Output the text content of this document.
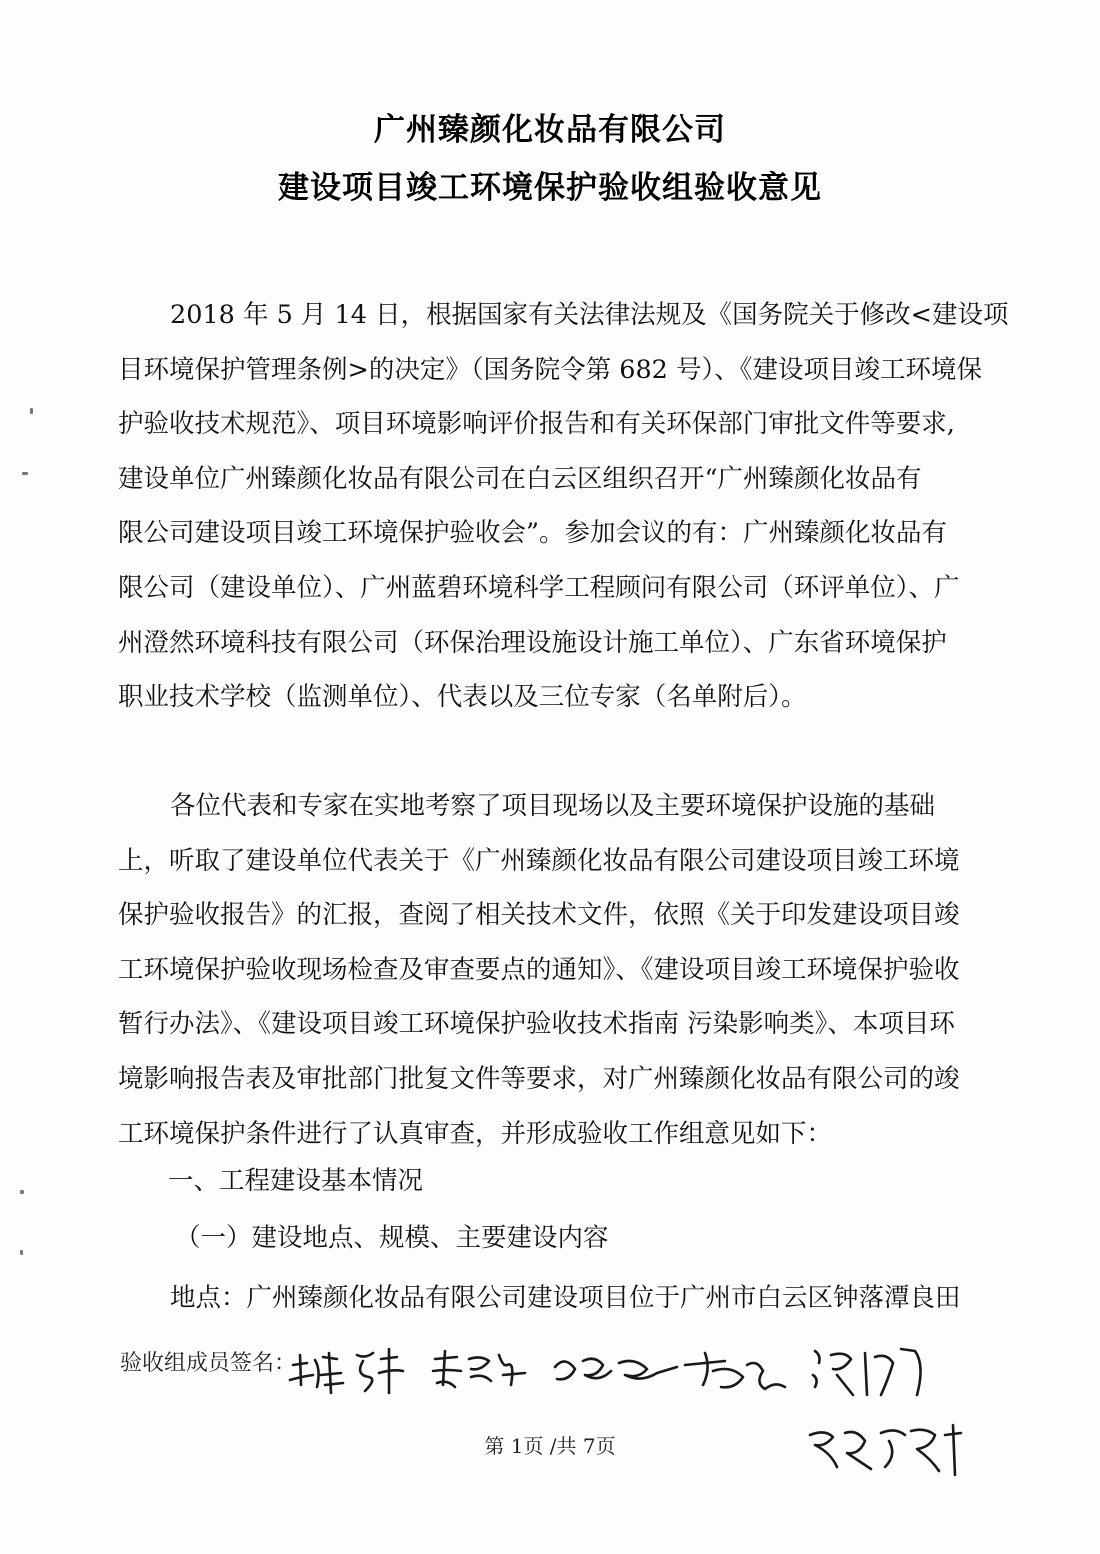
广州臻颜化妆品有限公司
建设项目竣工环境保护验收组验收意见
2018 年 5 月 14 日，根据国家有关法律法规及《国务院关于修改<建设项
目环境保护管理条例>的决定》（国务院令第 682 号）、《建设项目竣工环境保
护验收技术规范》、项目环境影响评价报告和有关环保部门审批文件等要求,
建设单位广州臻颜化妆品有限公司在白云区组织召开“广州臻颜化妆品有
限公司建设项目竣工环境保护验收会”。参加会议的有：广州臻颜化妆品有
限公司（建设单位）、广州蓝碧环境科学工程顾问有限公司（环评单位）、广
州澄然环境科技有限公司（环保治理设施设计施工单位）、广东省环境保护
职业技术学校（监测单位）、代表以及三位专家（名单附后）。
各位代表和专家在实地考察了项目现场以及主要环境保护设施的基础
上，听取了建设单位代表关于《广州臻颜化妆品有限公司建设项目竣工环境
保护验收报告》的汇报，查阅了相关技术文件，依照《关于印发建设项目竣
工环境保护验收现场检查及审查要点的通知》、《建设项目竣工环境保护验收
暂行办法》、《建设项目竣工环境保护验收技术指南 污染影响类》、本项目环
境影响报告表及审批部门批复文件等要求，对广州臻颜化妆品有限公司的竣
工环境保护条件进行了认真审查，并形成验收工作组意见如下：
一、工程建设基本情况
（一）建设地点、规模、主要建设内容
地点：广州臻颜化妆品有限公司建设项目位于广州市白云区钟落潭良田
验收组成员签名：
第 1页 /共 7页
